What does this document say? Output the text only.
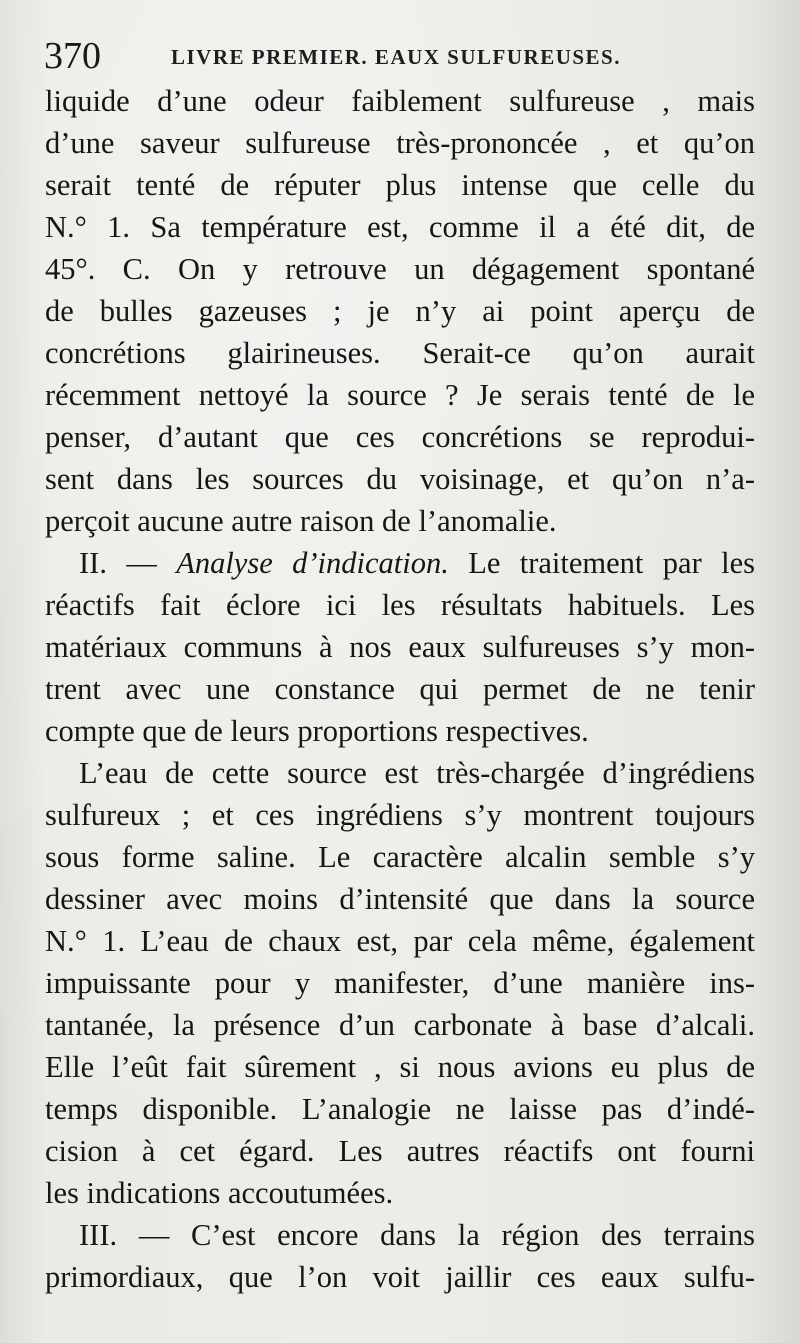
370	LIVRE PREMIER. EAUX SULFUREUSES.
liquide d’une odeur faiblement sulfureuse , mais
d’une saveur sulfureuse très-prononcée , et qu’on
serait tenté de réputer plus intense que celle du
N.° 1. Sa température est, comme il a été dit, de
45°. C. On y retrouve un dégagement spontané
de bulles gazeuses ; je n’y ai point aperçu de
concrétions glairineuses. Serait-ce qu’on aurait
récemment nettoyé la source ? Je serais tenté de le
penser, d’autant que ces concrétions se reprodui-
sent dans les sources du voisinage, et qu’on n’a-
perçoit aucune autre raison de l’anomalie.
II. — Analyse d’indication. Le traitement par les
réactifs fait éclore ici les résultats habituels. Les
matériaux communs à nos eaux sulfureuses s’y mon-
trent avec une constance qui permet de ne tenir
compte que de leurs proportions respectives.
L’eau de cette source est très-chargée d’ingrédiens
sulfureux ; et ces ingrédiens s’y montrent toujours
sous forme saline. Le caractère alcalin semble s’y
dessiner avec moins d’intensité que dans la source
N.° 1. L’eau de chaux est, par cela même, également
impuissante pour y manifester, d’une manière ins-
tantanée, la présence d’un carbonate à base d’alcali.
Elle l’eût fait sûrement , si nous avions eu plus de
temps disponible. L’analogie ne laisse pas d’indé-
cision à cet égard. Les autres réactifs ont fourni
les indications accoutumées.
III. — C’est encore dans la région des terrains
primordiaux, que l’on voit jaillir ces eaux sulfu-
